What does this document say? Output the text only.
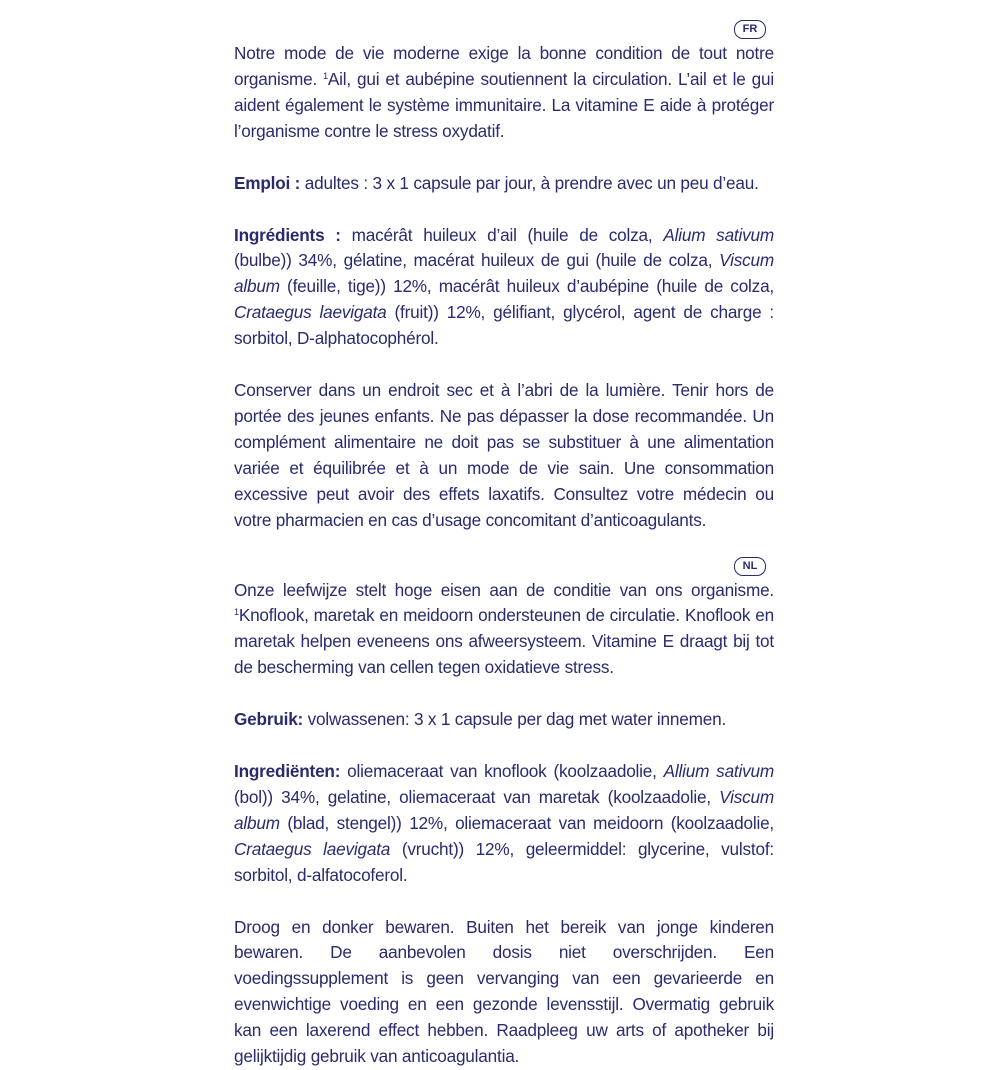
FR

Notre mode de vie moderne exige la bonne condition de tout notre organisme. $^1$Ail, gui et aubépine soutiennent la circulation. L’ail et le gui aident également le système immunitaire. La vitamine E aide à protéger l’organisme contre le stress oxydatif.

Emploi : adultes : 3 x 1 capsule par jour, à prendre avec un peu d’eau.

Ingrédients : macérât huileux d’ail (huile de colza, Alium sativum (bulbe)) 34%, gélatine, macérat huileux de gui (huile de colza, Viscum album (feuille, tige)) 12%, macérât huileux d’aubépine (huile de colza, Crataegus laevigata (fruit)) 12%, gélifiant, glycérol, agent de charge : sorbitol, D-alphatocophérol.

Conserver dans un endroit sec et à l’abri de la lumière. Tenir hors de portée des jeunes enfants. Ne pas dépasser la dose recommandée. Un complément alimentaire ne doit pas se substituer à une alimentation variée et équilibrée et à un mode de vie sain. Une consommation excessive peut avoir des effets laxatifs. Consultez votre médecin ou votre pharmacien en cas d’usage concomitant d’anticoagulants.

NL

Onze leefwijze stelt hoge eisen aan de conditie van ons organisme. $^1$Knoflook, maretak en meidoorn ondersteunen de circulatie. Knoflook en maretak helpen eveneens ons afweersysteem. Vitamine E draagt bij tot de bescherming van cellen tegen oxidatieve stress.

Gebruik: volwassenen: 3 x 1 capsule per dag met water innemen.

Ingrediënten: oliemaceraat van knoflook (koolzaadolie, Allium sativum (bol)) 34%, gelatine, oliemaceraat van maretak (koolzaadolie, Viscum album (blad, stengel)) 12%, oliemaceraat van meidoorn (koolzaadolie, Crataegus laevigata (vrucht)) 12%, geleermiddel: glycerine, vulstof: sorbitol, d-alfatocoferol.

Droog en donker bewaren. Buiten het bereik van jonge kinderen bewaren. De aanbevolen dosis niet overschrijden. Een voedingssupplement is geen vervanging van een gevarieerde en evenwichtige voeding en een gezonde levensstijl. Overmatig gebruik kan een laxerend effect hebben. Raadpleeg uw arts of apotheker bij gelijktijdig gebruik van anticoagulantia.
